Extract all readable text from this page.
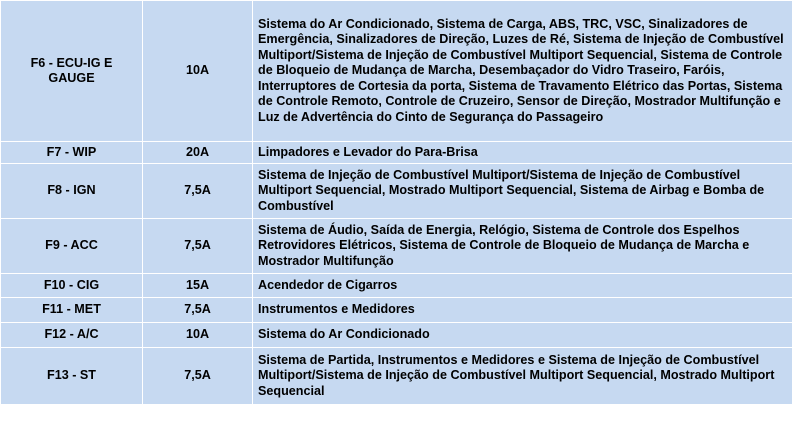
F6 - ECU-IG E GAUGE	10A	Sistema do Ar Condicionado, Sistema de Carga, ABS, TRC, VSC, Sinalizadores de Emergência, Sinalizadores de Direção, Luzes de Ré, Sistema de Injeção de Combustível Multiport/Sistema de Injeção de Combustível Multiport Sequencial, Sistema de Controle de Bloqueio de Mudança de Marcha, Desembaçador do Vidro Traseiro, Faróis, Interruptores de Cortesia da porta, Sistema de Travamento Elétrico das Portas, Sistema de Controle Remoto, Controle de Cruzeiro, Sensor de Direção, Mostrador Multifunção e Luz de Advertência do Cinto de Segurança do Passageiro
F7 - WIP	20A	Limpadores e Levador do Para-Brisa
F8 - IGN	7,5A	Sistema de Injeção de Combustível Multiport/Sistema de Injeção de Combustível Multiport Sequencial, Mostrado Multiport Sequencial, Sistema de Airbag e Bomba de Combustível
F9 - ACC	7,5A	Sistema de Áudio, Saída de Energia, Relógio, Sistema de Controle dos Espelhos Retrovidores Elétricos, Sistema de Controle de Bloqueio de Mudança de Marcha e Mostrador Multifunção
F10 - CIG	15A	Acendedor de Cigarros
F11 - MET	7,5A	Instrumentos e Medidores
F12 - A/C	10A	Sistema do Ar Condicionado
F13 - ST	7,5A	Sistema de Partida, Instrumentos e Medidores e Sistema de Injeção de Combustível Multiport/Sistema de Injeção de Combustível Multiport Sequencial, Mostrado Multiport Sequencial
